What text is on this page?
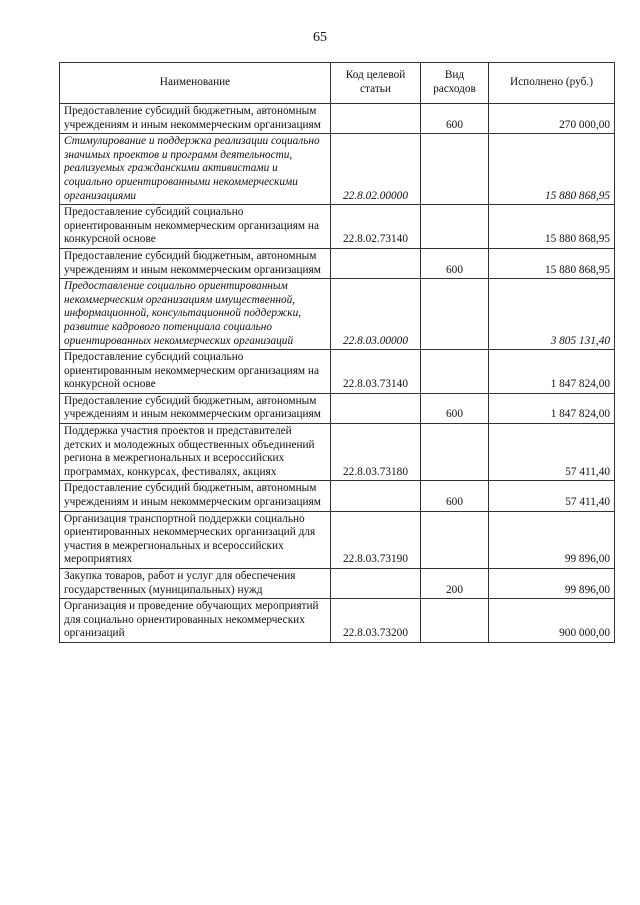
65
Наименование	Код целевой статьи	Вид расходов	Исполнено (руб.)
Предоставление субсидий бюджетным, автономным учреждениям и иным некоммерческим организациям		600	270 000,00
Стимулирование и поддержка реализации социально значимых проектов и программ деятельности, реализуемых гражданскими активистами и социально ориентированными некоммерческими организациями	22.8.02.00000		15 880 868,95
Предоставление субсидий социально ориентированным некоммерческим организациям на конкурсной основе	22.8.02.73140		15 880 868,95
Предоставление субсидий бюджетным, автономным учреждениям и иным некоммерческим организациям		600	15 880 868,95
Предоставление социально ориентированным некоммерческим организациям имущественной, информационной, консультационной поддержки, развитие кадрового потенциала социально ориентированных некоммерческих организаций	22.8.03.00000		3 805 131,40
Предоставление субсидий социально ориентированным некоммерческим организациям на конкурсной основе	22.8.03.73140		1 847 824,00
Предоставление субсидий бюджетным, автономным учреждениям и иным некоммерческим организациям		600	1 847 824,00
Поддержка участия проектов и представителей детских и молодежных общественных объединений региона в межрегиональных и всероссийских программах, конкурсах, фестивалях, акциях	22.8.03.73180		57 411,40
Предоставление субсидий бюджетным, автономным учреждениям и иным некоммерческим организациям		600	57 411,40
Организация транспортной поддержки социально ориентированных некоммерческих организаций для участия в межрегиональных и всероссийских мероприятиях	22.8.03.73190		99 896,00
Закупка товаров, работ и услуг для обеспечения государственных (муниципальных) нужд		200	99 896,00
Организация и проведение обучающих мероприятий для социально ориентированных некоммерческих организаций	22.8.03.73200		900 000,00
